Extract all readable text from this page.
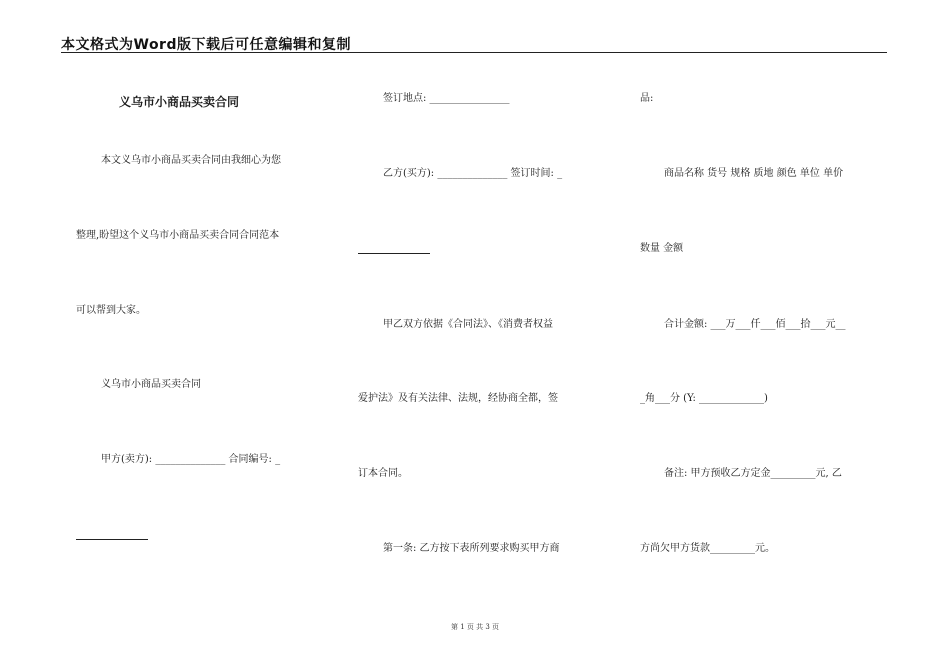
本文格式为Word版下载后可任意编辑和复制
义乌市小商品买卖合同
本文义乌市小商品买卖合同由我细心为您
整理,盼望这个义乌市小商品买卖合同合同范本
可以帮到大家。
义乌市小商品买卖合同
甲方(卖方): ______________ 合同编号: _
签订地点: ________________
乙方(买方): ______________ 签订时间: _
甲乙双方依据《合同法》、《消费者权益
爱护法》及有关法律、法规，经协商全都，签
订本合同。
第一条: 乙方按下表所列要求购买甲方商
品:
商品名称 货号 规格 质地 颜色 单位 单价
数量 金额
合计金额: ___万___仟___佰___拾___元__
_角___分 (Y: _____________)
备注: 甲方预收乙方定金_________元, 乙
方尚欠甲方货款_________元。
第 1 页 共 3 页
